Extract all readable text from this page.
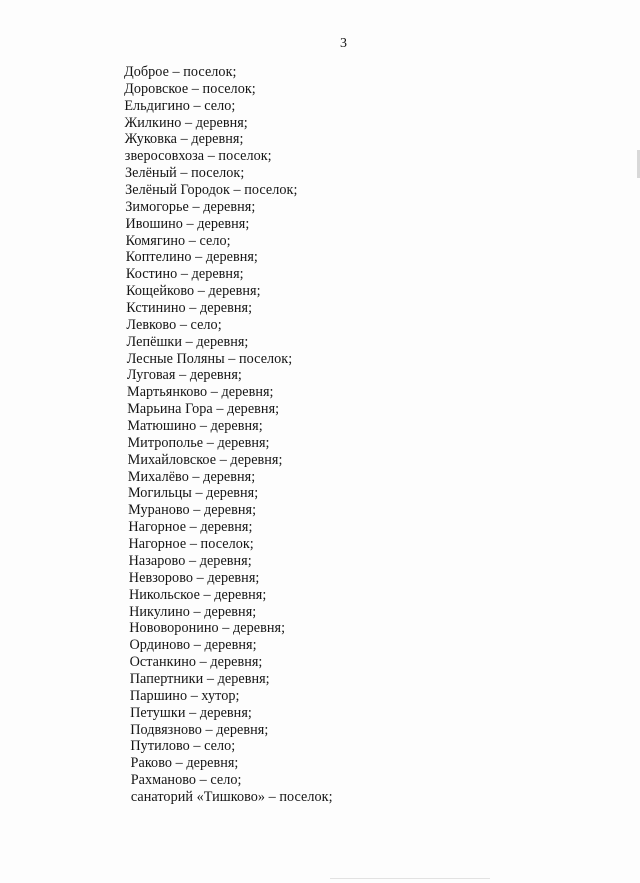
3
Доброе – поселок;
Доровское – поселок;
Ельдигино – село;
Жилкино – деревня;
Жуковка – деревня;
зверосовхоза – поселок;
Зелёный – поселок;
Зелёный Городок – поселок;
Зимогорье – деревня;
Ивошино – деревня;
Комягино – село;
Коптелино – деревня;
Костино – деревня;
Кощейково – деревня;
Кстинино – деревня;
Левково – село;
Лепёшки – деревня;
Лесные Поляны – поселок;
Луговая – деревня;
Мартьянково – деревня;
Марьина Гора – деревня;
Матюшино – деревня;
Митрополье – деревня;
Михайловское – деревня;
Михалёво – деревня;
Могильцы – деревня;
Мураново – деревня;
Нагорное – деревня;
Нагорное – поселок;
Назарово – деревня;
Невзорово – деревня;
Никольское – деревня;
Никулино – деревня;
Нововоронино – деревня;
Ординово – деревня;
Останкино – деревня;
Папертники – деревня;
Паршино – хутор;
Петушки – деревня;
Подвязново – деревня;
Путилово – село;
Раково – деревня;
Рахманово – село;
санаторий «Тишково» – поселок;
